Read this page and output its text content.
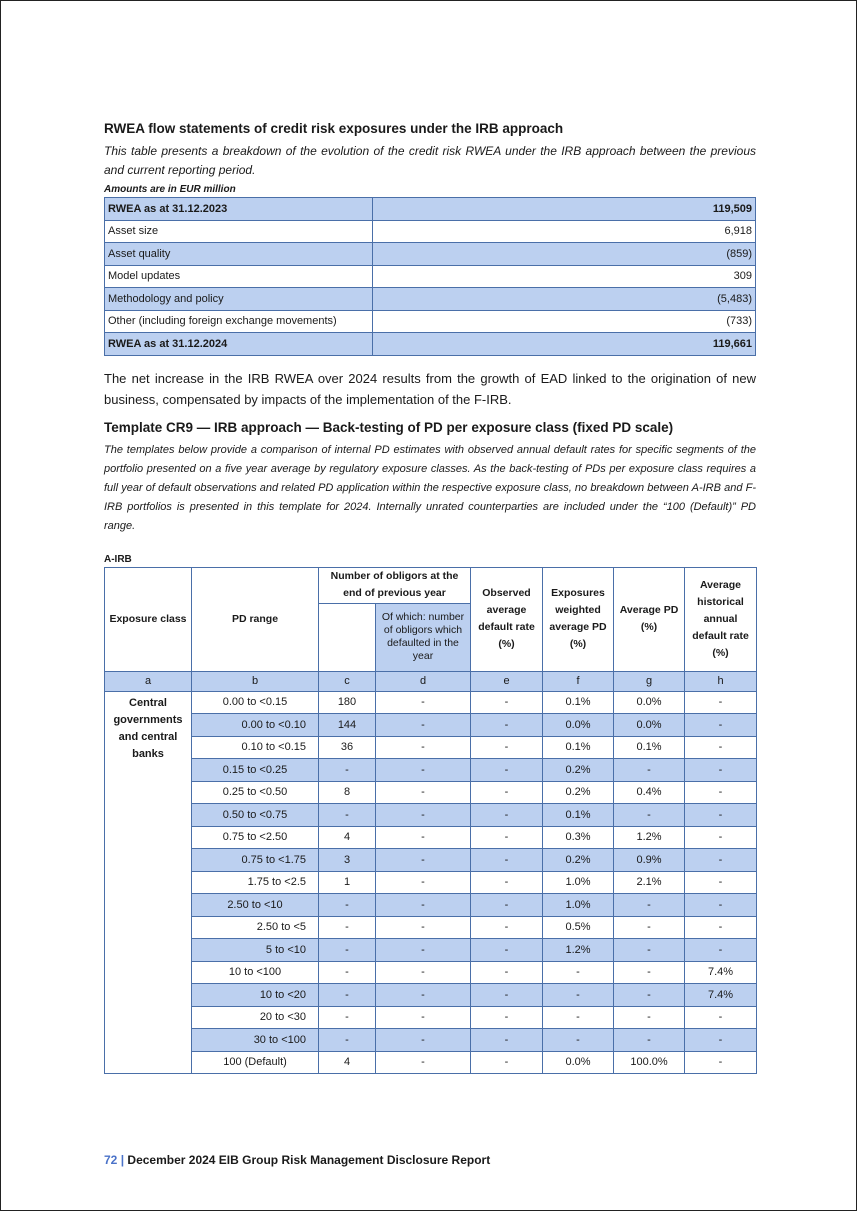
RWEA flow statements of credit risk exposures under the IRB approach

This table presents a breakdown of the evolution of the credit risk RWEA under the IRB approach between the previous and current reporting period.

Amounts are in EUR million
RWEA as at 31.12.2023	119,509
Asset size	6,918
Asset quality	(859)
Model updates	309
Methodology and policy	(5,483)
Other (including foreign exchange movements)	(733)
RWEA as at 31.12.2024	119,661

The net increase in the IRB RWEA over 2024 results from the growth of EAD linked to the origination of new business, compensated by impacts of the implementation of the F-IRB.

Template CR9 — IRB approach — Back-testing of PD per exposure class (fixed PD scale)

The templates below provide a comparison of internal PD estimates with observed annual default rates for specific segments of the portfolio presented on a five year average by regulatory exposure classes. As the back-testing of PDs per exposure class requires a full year of default observations and related PD application within the respective exposure class, no breakdown between A-IRB and F-IRB portfolios is presented in this template for 2024. Internally unrated counterparties are included under the “100 (Default)” PD range.

A-IRB
Exposure class	PD range	Number of obligors at the end of previous year		Observed average default rate (%)	Exposures weighted average PD (%)	Average PD (%)	Average historical annual default rate (%)
			Of which: number of obligors which defaulted in the year				
a	b	c	d	e	f	g	h
Central governments and central banks	0.00 to <0.15	180	-	-	0.1%	0.0%	-
	0.00 to <0.10	144	-	-	0.0%	0.0%	-
	0.10 to <0.15	36	-	-	0.1%	0.1%	-
	0.15 to <0.25	-	-	-	0.2%	-	-
	0.25 to <0.50	8	-	-	0.2%	0.4%	-
	0.50 to <0.75	-	-	-	0.1%	-	-
	0.75 to <2.50	4	-	-	0.3%	1.2%	-
	0.75 to <1.75	3	-	-	0.2%	0.9%	-
	1.75 to <2.5	1	-	-	1.0%	2.1%	-
	2.50 to <10	-	-	-	1.0%	-	-
	2.50 to <5	-	-	-	0.5%	-	-
	5 to <10	-	-	-	1.2%	-	-
	10 to <100	-	-	-	-	-	7.4%
	10 to <20	-	-	-	-	-	7.4%
	20 to <30	-	-	-	-	-	-
	30 to <100	-	-	-	-	-	-
	100 (Default)	4	-	-	0.0%	100.0%	-
72 | December 2024 EIB Group Risk Management Disclosure Report
